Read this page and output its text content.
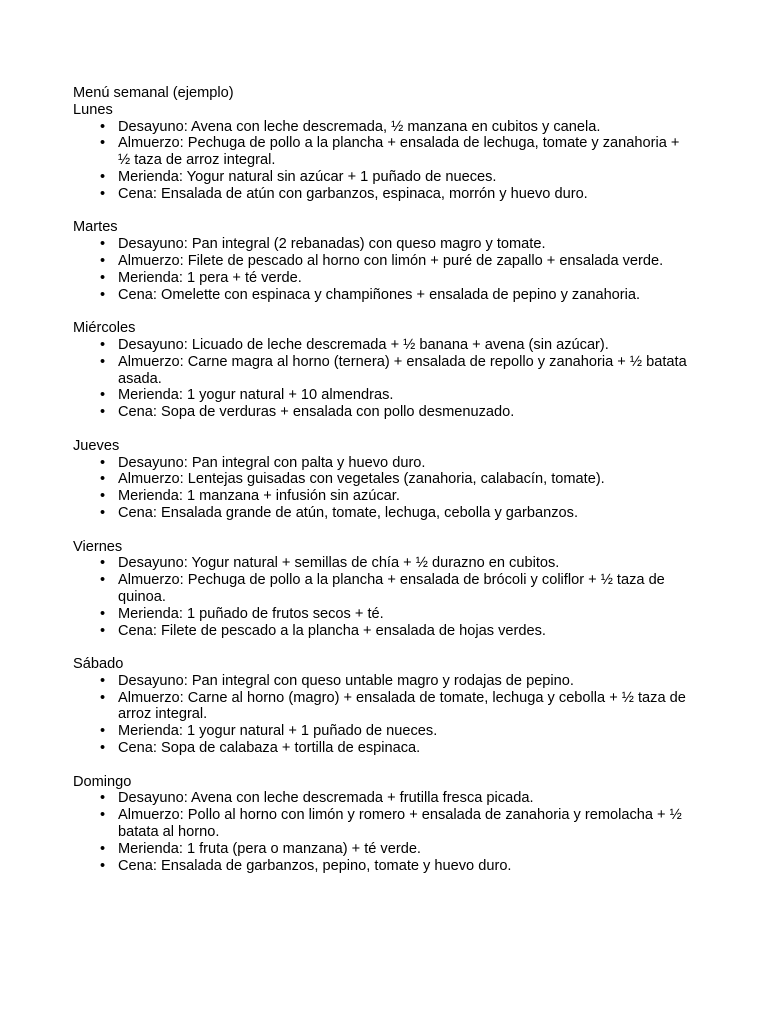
Menú semanal (ejemplo)
Lunes
• Desayuno: Avena con leche descremada, ½ manzana en cubitos y canela.
• Almuerzo: Pechuga de pollo a la plancha + ensalada de lechuga, tomate y zanahoria + ½ taza de arroz integral.
• Merienda: Yogur natural sin azúcar + 1 puñado de nueces.
• Cena: Ensalada de atún con garbanzos, espinaca, morrón y huevo duro.
Martes
• Desayuno: Pan integral (2 rebanadas) con queso magro y tomate.
• Almuerzo: Filete de pescado al horno con limón + puré de zapallo + ensalada verde.
• Merienda: 1 pera + té verde.
• Cena: Omelette con espinaca y champiñones + ensalada de pepino y zanahoria.
Miércoles
• Desayuno: Licuado de leche descremada + ½ banana + avena (sin azúcar).
• Almuerzo: Carne magra al horno (ternera) + ensalada de repollo y zanahoria + ½ batata asada.
• Merienda: 1 yogur natural + 10 almendras.
• Cena: Sopa de verduras + ensalada con pollo desmenuzado.
Jueves
• Desayuno: Pan integral con palta y huevo duro.
• Almuerzo: Lentejas guisadas con vegetales (zanahoria, calabacín, tomate).
• Merienda: 1 manzana + infusión sin azúcar.
• Cena: Ensalada grande de atún, tomate, lechuga, cebolla y garbanzos.
Viernes
• Desayuno: Yogur natural + semillas de chía + ½ durazno en cubitos.
• Almuerzo: Pechuga de pollo a la plancha + ensalada de brócoli y coliflor + ½ taza de quinoa.
• Merienda: 1 puñado de frutos secos + té.
• Cena: Filete de pescado a la plancha + ensalada de hojas verdes.
Sábado
• Desayuno: Pan integral con queso untable magro y rodajas de pepino.
• Almuerzo: Carne al horno (magro) + ensalada de tomate, lechuga y cebolla + ½ taza de arroz integral.
• Merienda: 1 yogur natural + 1 puñado de nueces.
• Cena: Sopa de calabaza + tortilla de espinaca.
Domingo
• Desayuno: Avena con leche descremada + frutilla fresca picada.
• Almuerzo: Pollo al horno con limón y romero + ensalada de zanahoria y remolacha + ½ batata al horno.
• Merienda: 1 fruta (pera o manzana) + té verde.
• Cena: Ensalada de garbanzos, pepino, tomate y huevo duro.
